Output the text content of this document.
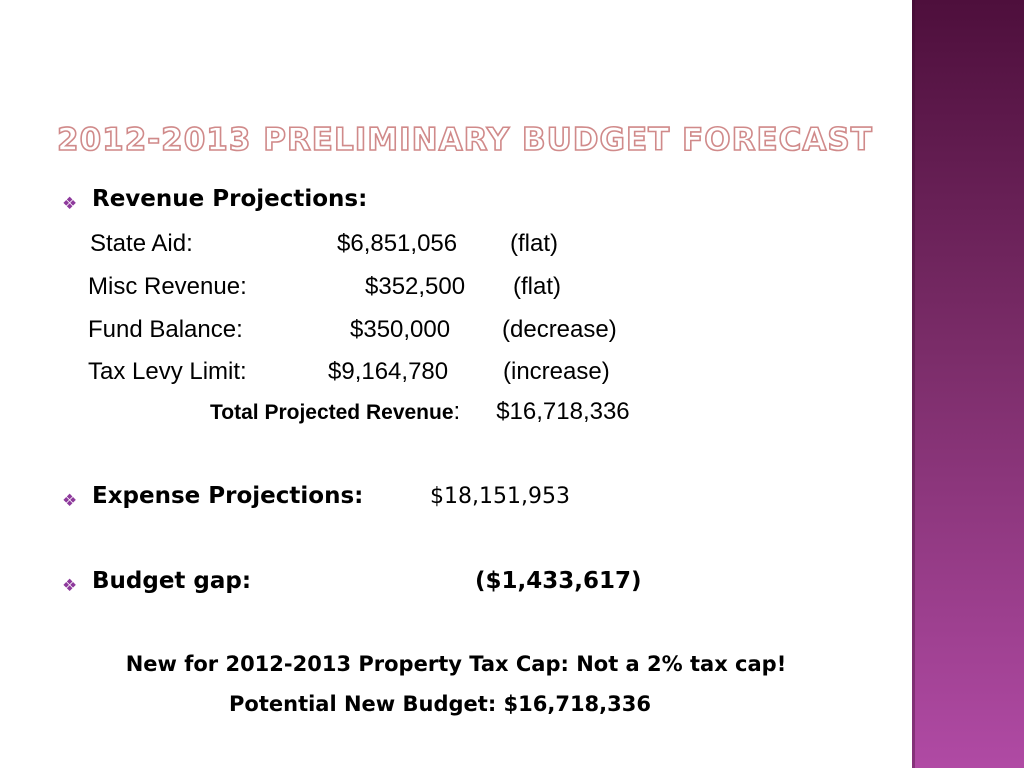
2012-2013 PRELIMINARY BUDGET FORECAST
❖ Revenue Projections:
State Aid:	$6,851,056 (flat)
Misc Revenue:	$352,500 (flat)
Fund Balance:	$350,000 (decrease)
Tax Levy Limit:	$9,164,780 (increase)
Total Projected Revenue: $16,718,336
❖ Expense Projections:	$18,151,953
❖ Budget gap:	($1,433,617)
New for 2012-2013 Property Tax Cap: Not a 2% tax cap!
Potential New Budget: $16,718,336
